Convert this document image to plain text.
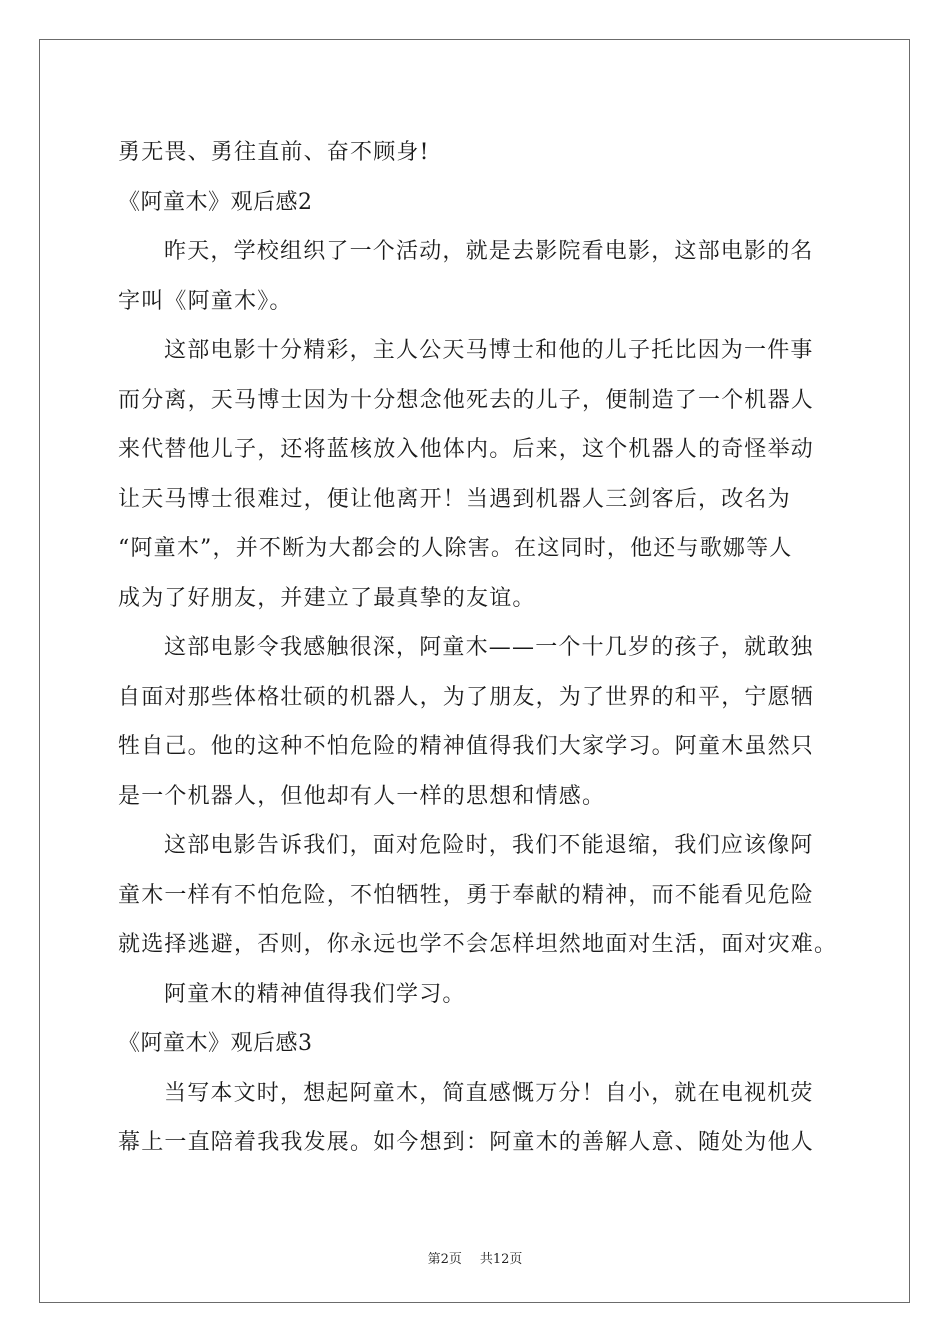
勇无畏、勇往直前、奋不顾身!
《阿童木》观后感2
昨天，学校组织了一个活动，就是去影院看电影，这部电影的名
字叫《阿童木》。
这部电影十分精彩，主人公天马博士和他的儿子托比因为一件事
而分离，天马博士因为十分想念他死去的儿子，便制造了一个机器人
来代替他儿子，还将蓝核放入他体内。后来，这个机器人的奇怪举动
让天马博士很难过，便让他离开！当遇到机器人三剑客后，改名为
“阿童木”，并不断为大都会的人除害。在这同时，他还与歌娜等人
成为了好朋友，并建立了最真挚的友谊。
这部电影令我感触很深，阿童木——一个十几岁的孩子，就敢独
自面对那些体格壮硕的机器人，为了朋友，为了世界的和平，宁愿牺
牲自己。他的这种不怕危险的精神值得我们大家学习。阿童木虽然只
是一个机器人，但他却有人一样的思想和情感。
这部电影告诉我们，面对危险时，我们不能退缩，我们应该像阿
童木一样有不怕危险，不怕牺牲，勇于奉献的精神，而不能看见危险
就选择逃避，否则，你永远也学不会怎样坦然地面对生活，面对灾难。
阿童木的精神值得我们学习。
《阿童木》观后感3
当写本文时，想起阿童木，简直感慨万分！自小，就在电视机荧
幕上一直陪着我我发展。如今想到：阿童木的善解人意、随处为他人
第2页 共12页
